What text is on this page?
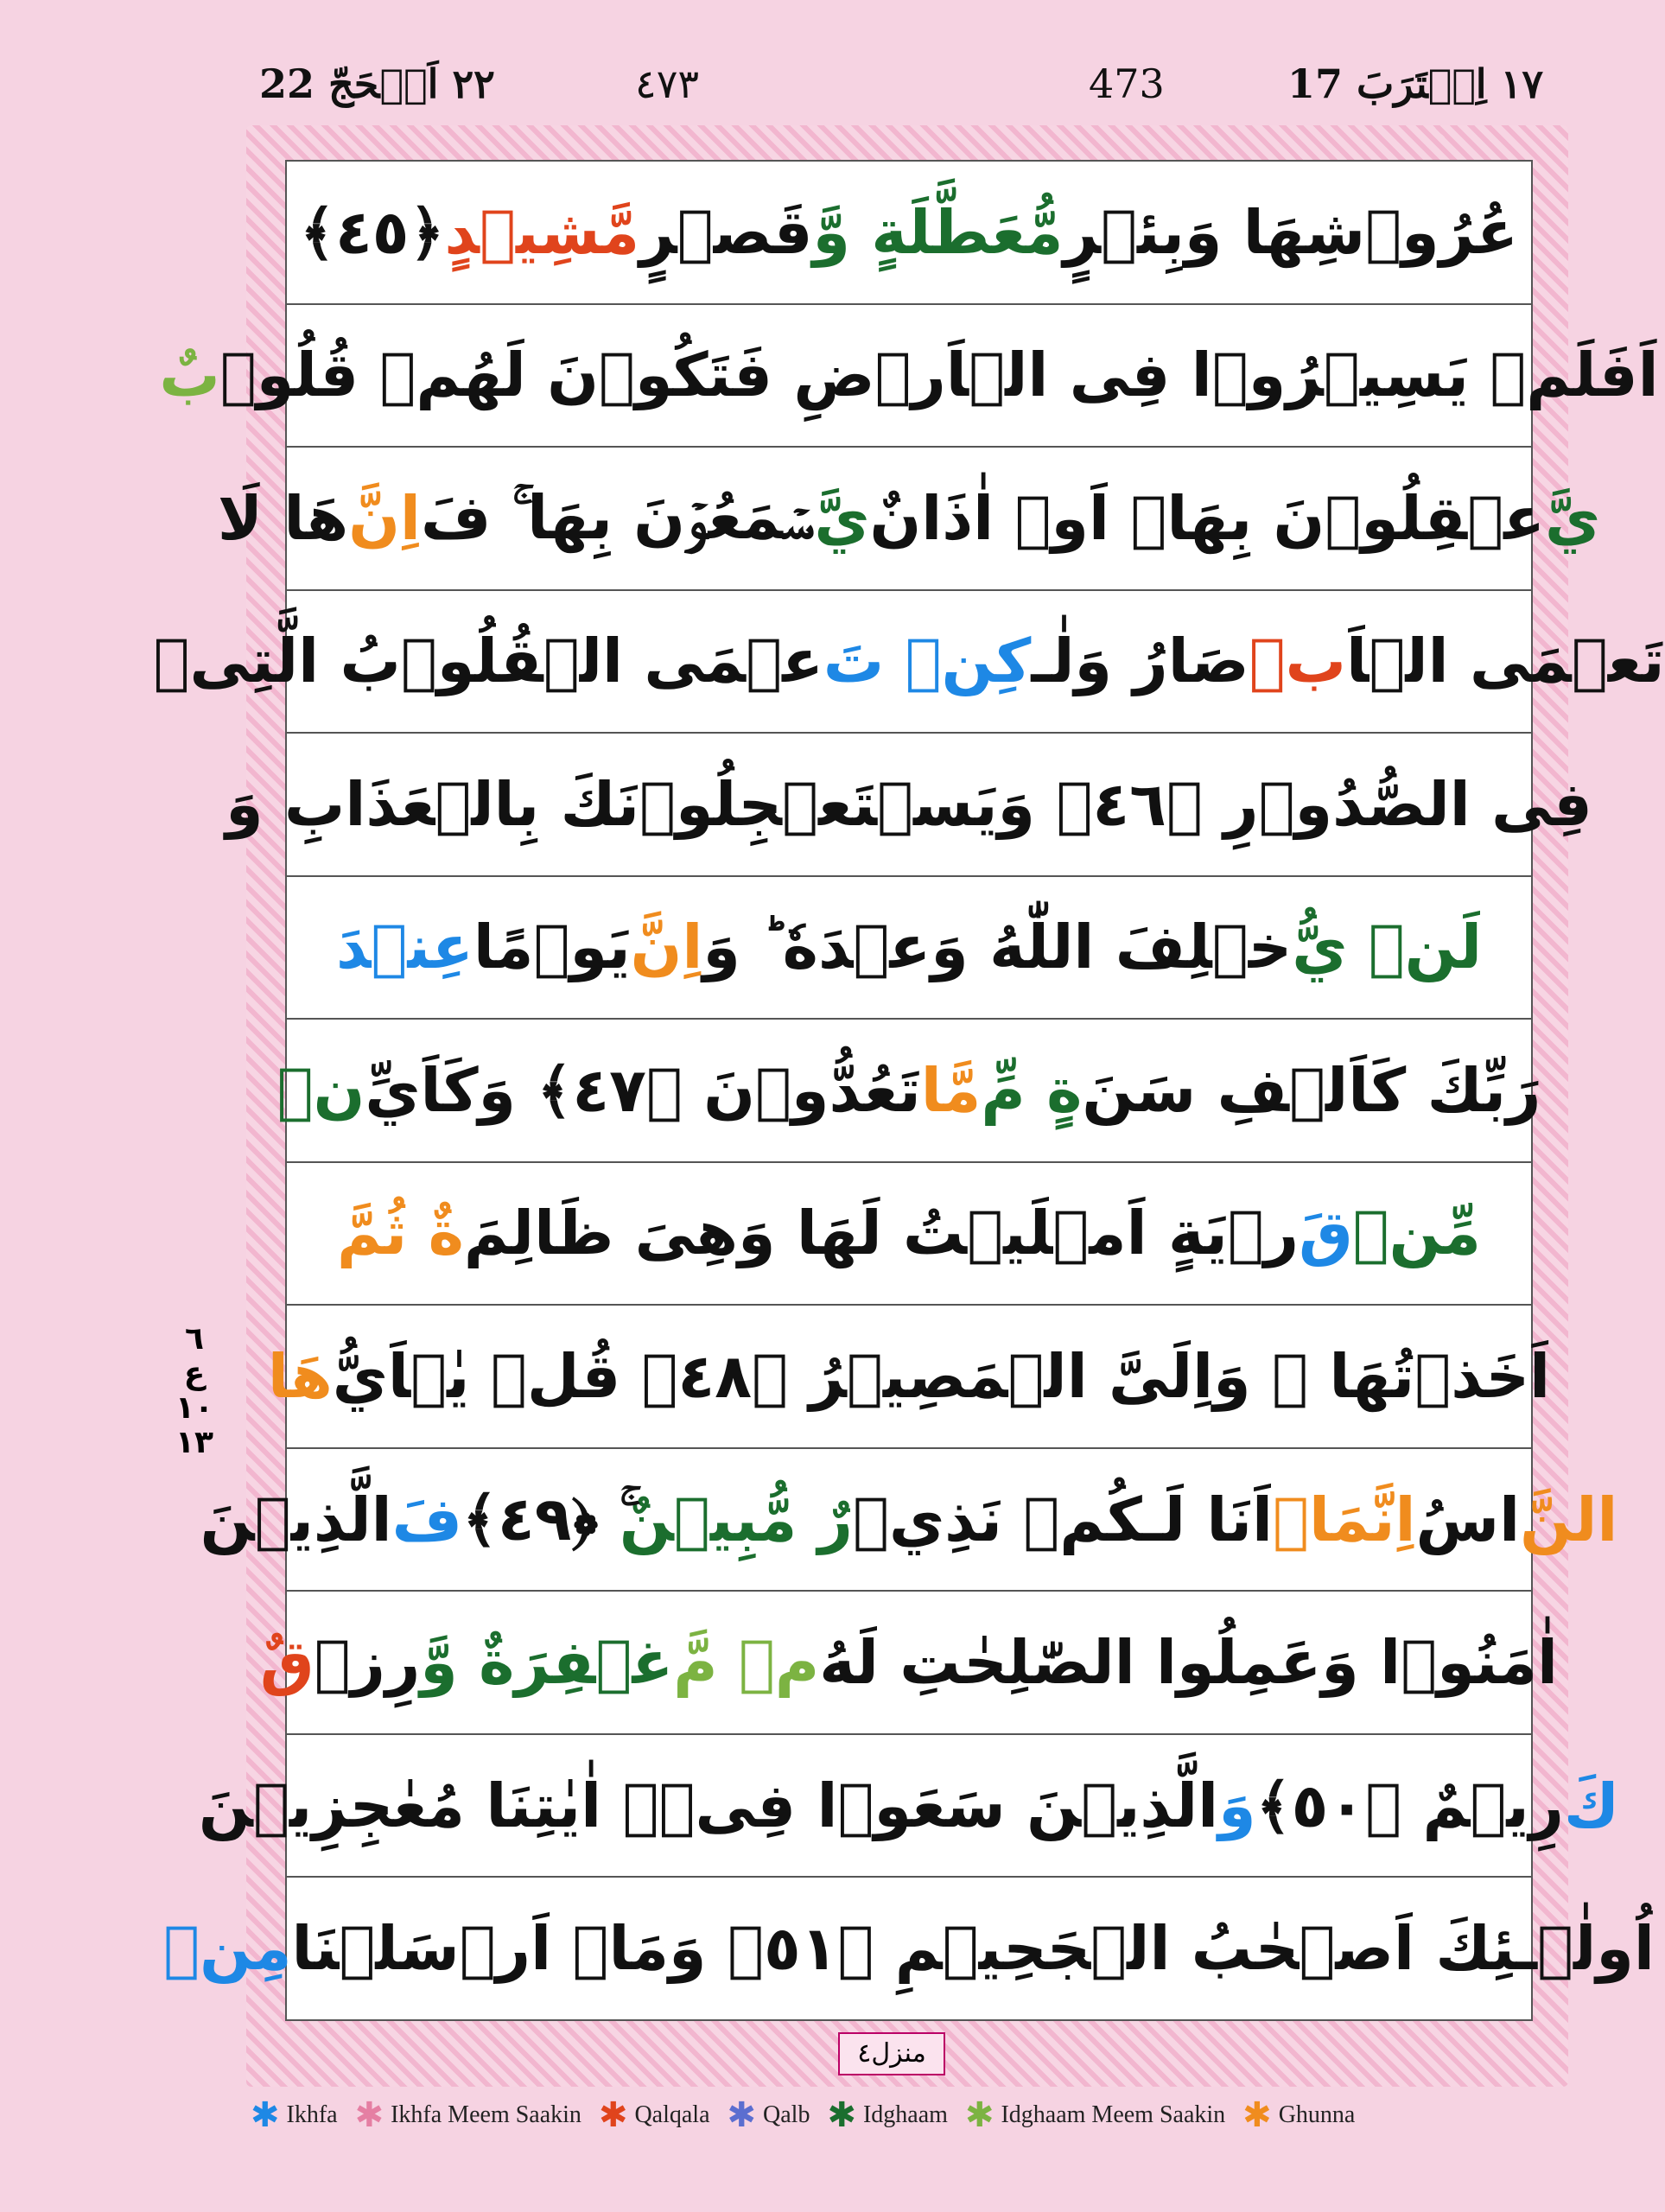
٢٢ اَلۡحَجّ 22	٤٧٣	473	١٧ اِقۡتَرَبَ 17
عُرُوۡشِهَا وَبِئۡرٍ
مُّعَطَّلَةٍ وَّ
قَصۡرٍ
مَّشِيۡدٍ
﴿٤٥﴾
اَفَلَمۡ يَسِيۡرُوۡا فِى الۡاَرۡضِ فَتَكُوۡنَ لَهُمۡ قُلُوۡ
بٌ
يَّ
عۡقِلُوۡنَ بِهَاۤ اَوۡ اٰذَانٌ
يَّ
سۡمَعُوۡنَ بِهَا ۚ فَ
اِنَّ
هَا لَا
تَعۡمَى الۡاَ
بۡ
صَارُ وَلٰـ
كِنۡ تَ
عۡمَى الۡقُلُوۡبُ الَّتِىۡ
فِى الصُّدُوۡرِ ﴿٤٦﴾ وَيَسۡتَعۡجِلُوۡنَكَ بِالۡعَذَابِ وَ
لَنۡ يُّ
خۡلِفَ اللّٰهُ وَعۡدَهٗ ؕ وَ
اِنَّ
يَوۡمًا
عِنۡدَ
رَبِّكَ كَاَلۡفِ سَنَ
ةٍ مِّ
مَّا
تَعُدُّوۡنَ ﴿٤٧﴾ وَكَاَيِّ
نۡ
مِّنۡ
قَ
رۡيَةٍ اَمۡلَيۡتُ لَهَا وَهِىَ ظَالِمَ
ةٌ ثُمَّ
اَخَذۡتُهَا ۚ وَاِلَىَّ الۡمَصِيۡرُ ﴿٤٨﴾ قُلۡ يٰۤاَيُّ
هَا
النَّ
اسُ
اِنَّمَاۤ
اَنَا لَـكُمۡ نَذِيۡ
رٌ مُّبِيۡنٌ
ۚ ﴿٤٩﴾
فَ
الَّذِيۡنَ
اٰمَنُوۡا وَعَمِلُوا الصّٰلِحٰتِ لَهُ
مۡ مَّ
غۡفِرَةٌ وَّ
رِزۡ
قٌ
كَ
رِيۡمٌ ﴿٥٠﴾
وَ
الَّذِيۡنَ سَعَوۡا فِىۡۤ اٰيٰتِنَا مُعٰجِزِيۡنَ
اُولٰۤـئِكَ اَصۡحٰبُ الۡجَحِيۡمِ ﴿٥١﴾ وَمَاۤ اَرۡسَلۡنَا
مِنۡ
منزل٤
٦
ع
١٠
١٣
✱ Ikhfa ✱ Ikhfa Meem Saakin ✱ Qalqala ✱ Qalb ✱ Idghaam ✱ Idghaam Meem Saakin ✱ Ghunna
